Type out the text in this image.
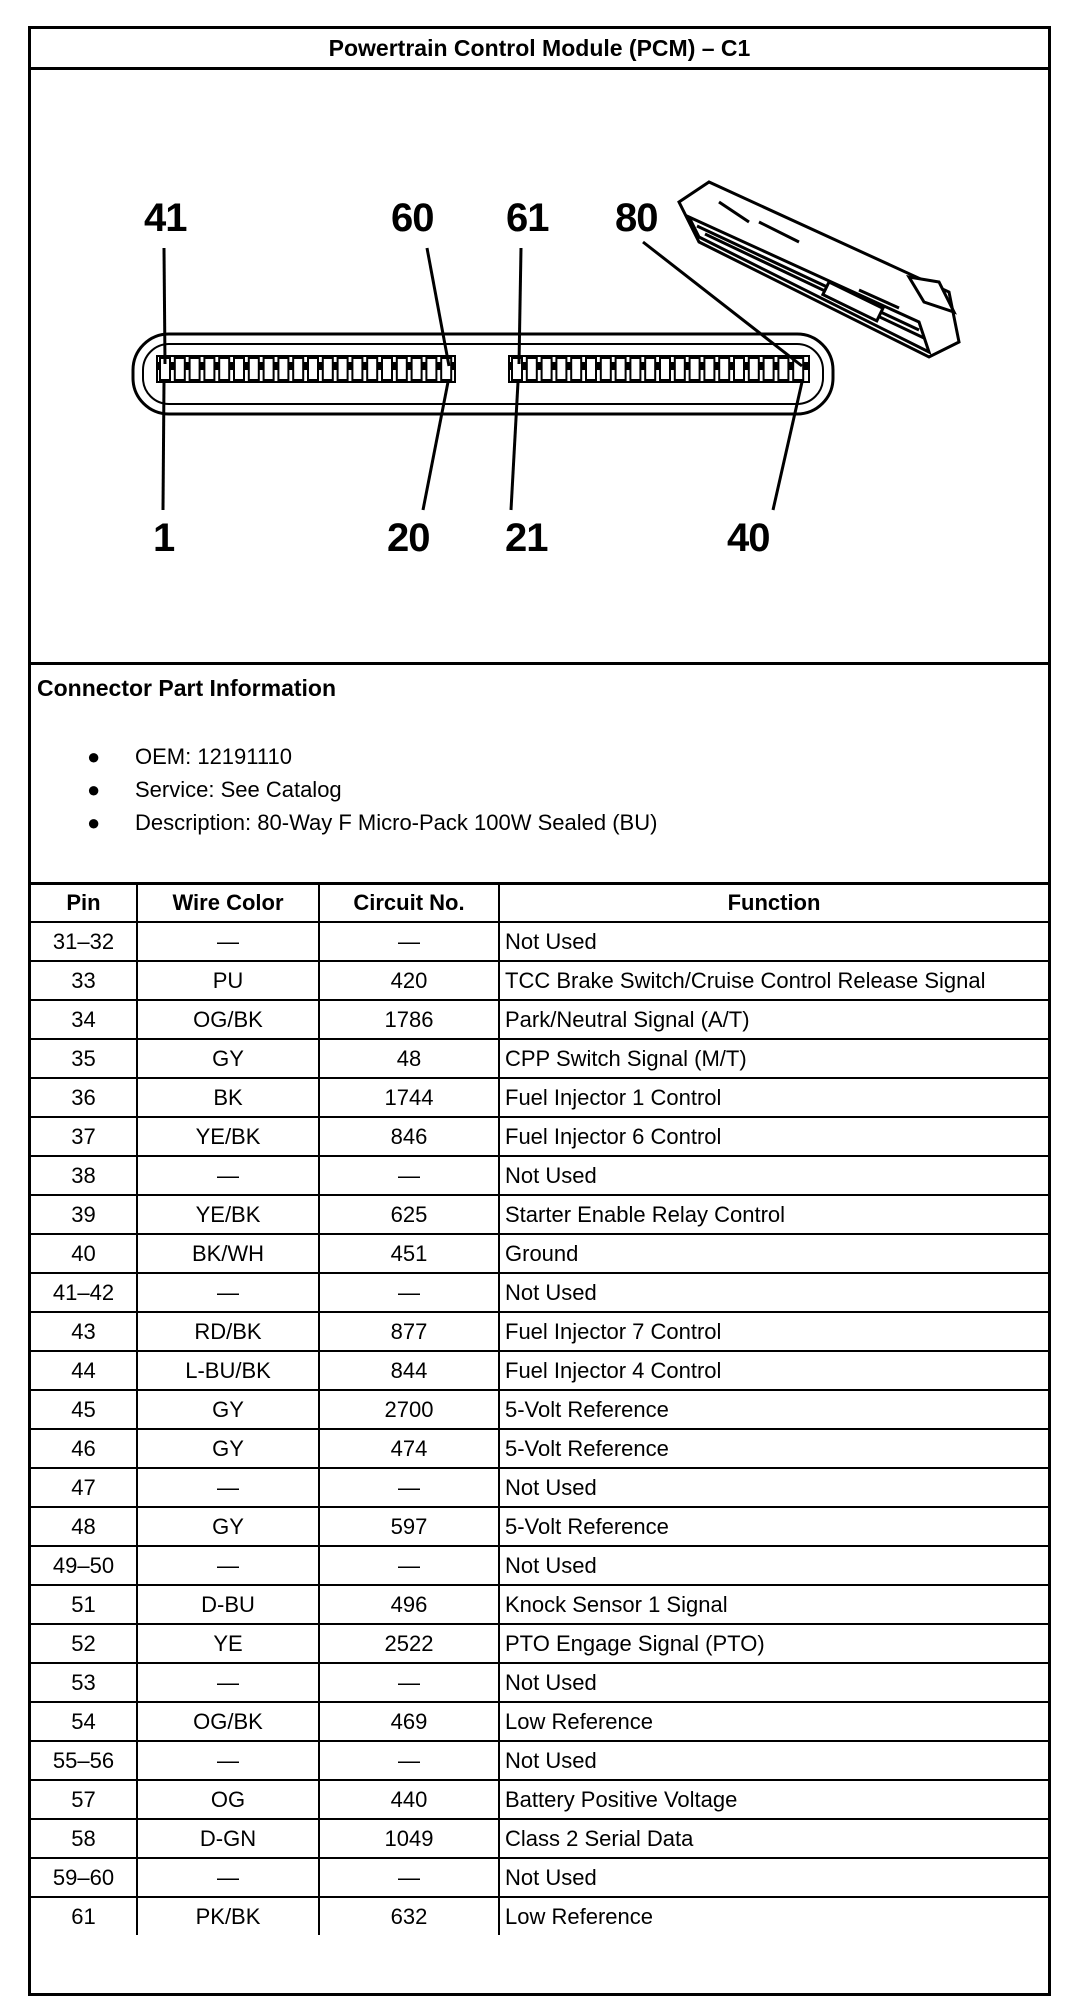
Powertrain Control Module (PCM) – C1
41	60 61 80
1	20 21	40
Connector Part Information
● OEM: 12191110
● Service: See Catalog
● Description: 80-Way F Micro-Pack 100W Sealed (BU)
Pin	Wire Color	Circuit No.	Function
31–32	—	—	Not Used
33	PU	420	TCC Brake Switch/Cruise Control Release Signal
34	OG/BK	1786	Park/Neutral Signal (A/T)
35	GY	48	CPP Switch Signal (M/T)
36	BK	1744	Fuel Injector 1 Control
37	YE/BK	846	Fuel Injector 6 Control
38	—	—	Not Used
39	YE/BK	625	Starter Enable Relay Control
40	BK/WH	451	Ground
41–42	—	—	Not Used
43	RD/BK	877	Fuel Injector 7 Control
44	L-BU/BK	844	Fuel Injector 4 Control
45	GY	2700	5-Volt Reference
46	GY	474	5-Volt Reference
47	—	—	Not Used
48	GY	597	5-Volt Reference
49–50	—	—	Not Used
51	D-BU	496	Knock Sensor 1 Signal
52	YE	2522	PTO Engage Signal (PTO)
53	—	—	Not Used
54	OG/BK	469	Low Reference
55–56	—	—	Not Used
57	OG	440	Battery Positive Voltage
58	D-GN	1049	Class 2 Serial Data
59–60	—	—	Not Used
61	PK/BK	632	Low Reference
